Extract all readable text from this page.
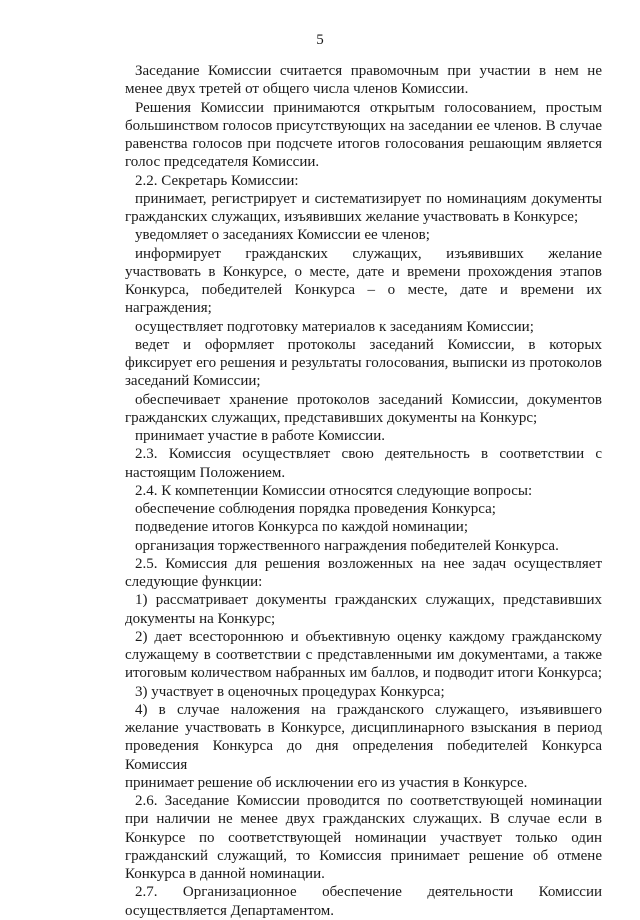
5
Заседание Комиссии считается правомочным при участии в нем не
менее двух третей от общего числа членов Комиссии.
Решения Комиссии принимаются открытым голосованием, простым
большинством голосов присутствующих на заседании ее членов. В случае
равенства голосов при подсчете итогов голосования решающим является
голос председателя Комиссии.
2.2. Секретарь Комиссии:
принимает, регистрирует и систематизирует по номинациям документы
гражданских служащих, изъявивших желание участвовать в Конкурсе;
уведомляет о заседаниях Комиссии ее членов;
информирует гражданских служащих, изъявивших желание
участвовать в Конкурсе, о месте, дате и времени прохождения этапов
Конкурса, победителей Конкурса – о месте, дате и времени их награждения;
осуществляет подготовку материалов к заседаниям Комиссии;
ведет и оформляет протоколы заседаний Комиссии, в которых
фиксирует его решения и результаты голосования, выписки из протоколов
заседаний Комиссии;
обеспечивает хранение протоколов заседаний Комиссии, документов
гражданских служащих, представивших документы на Конкурс;
принимает участие в работе Комиссии.
2.3. Комиссия осуществляет свою деятельность в соответствии с
настоящим Положением.
2.4. К компетенции Комиссии относятся следующие вопросы:
обеспечение соблюдения порядка проведения Конкурса;
подведение итогов Конкурса по каждой номинации;
организация торжественного награждения победителей Конкурса.
2.5. Комиссия для решения возложенных на нее задач осуществляет
следующие функции:
1) рассматривает документы гражданских служащих, представивших
документы на Конкурс;
2) дает всестороннюю и объективную оценку каждому гражданскому
служащему в соответствии с представленными им документами, а также
итоговым количеством набранных им баллов, и подводит итоги Конкурса;
3) участвует в оценочных процедурах Конкурса;
4) в случае наложения на гражданского служащего, изъявившего
желание участвовать в Конкурсе, дисциплинарного взыскания в период
проведения Конкурса до дня определения победителей Конкурса Комиссия
принимает решение об исключении его из участия в Конкурсе.
2.6. Заседание Комиссии проводится по соответствующей номинации
при наличии не менее двух гражданских служащих. В случае если в
Конкурсе по соответствующей номинации участвует только один
гражданский служащий, то Комиссия принимает решение об отмене
Конкурса в данной номинации.
2.7. Организационное обеспечение деятельности Комиссии
осуществляется Департаментом.
